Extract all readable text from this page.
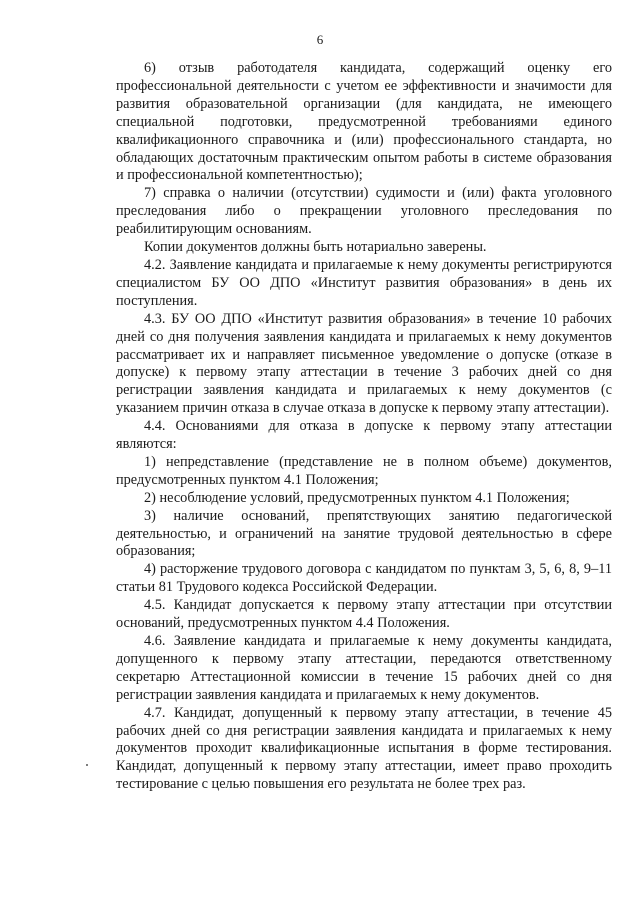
6

6) отзыв работодателя кандидата, содержащий оценку его профессиональной деятельности с учетом ее эффективности и значимости для развития образовательной организации (для кандидата, не имеющего специальной подготовки, предусмотренной требованиями единого квалификационного справочника и (или) профессионального стандарта, но обладающих достаточным практическим опытом работы в системе образования и профессиональной компетентностью);

7) справка о наличии (отсутствии) судимости и (или) факта уголовного преследования либо о прекращении уголовного преследования по реабилитирующим основаниям.

Копии документов должны быть нотариально заверены.

4.2. Заявление кандидата и прилагаемые к нему документы регистрируются специалистом БУ ОО ДПО «Институт развития образования» в день их поступления.

4.3. БУ ОО ДПО «Институт развития образования» в течение 10 рабочих дней со дня получения заявления кандидата и прилагаемых к нему документов рассматривает их и направляет письменное уведомление о допуске (отказе в допуске) к первому этапу аттестации в течение 3 рабочих дней со дня регистрации заявления кандидата и прилагаемых к нему документов (с указанием причин отказа в случае отказа в допуске к первому этапу аттестации).

4.4. Основаниями для отказа в допуске к первому этапу аттестации являются:

1) непредставление (представление не в полном объеме) документов, предусмотренных пунктом 4.1 Положения;

2) несоблюдение условий, предусмотренных пунктом 4.1 Положения;

3) наличие оснований, препятствующих занятию педагогической деятельностью, и ограничений на занятие трудовой деятельностью в сфере образования;

4) расторжение трудового договора с кандидатом по пунктам 3, 5, 6, 8, 9–11 статьи 81 Трудового кодекса Российской Федерации.

4.5. Кандидат допускается к первому этапу аттестации при отсутствии оснований, предусмотренных пунктом 4.4 Положения.

4.6. Заявление кандидата и прилагаемые к нему документы кандидата, допущенного к первому этапу аттестации, передаются ответственному секретарю Аттестационной комиссии в течение 15 рабочих дней со дня регистрации заявления кандидата и прилагаемых к нему документов.

4.7. Кандидат, допущенный к первому этапу аттестации, в течение 45 рабочих дней со дня регистрации заявления кандидата и прилагаемых к нему документов проходит квалификационные испытания в форме тестирования. Кандидат, допущенный к первому этапу аттестации, имеет право проходить тестирование с целью повышения его результата не более трех раз.
